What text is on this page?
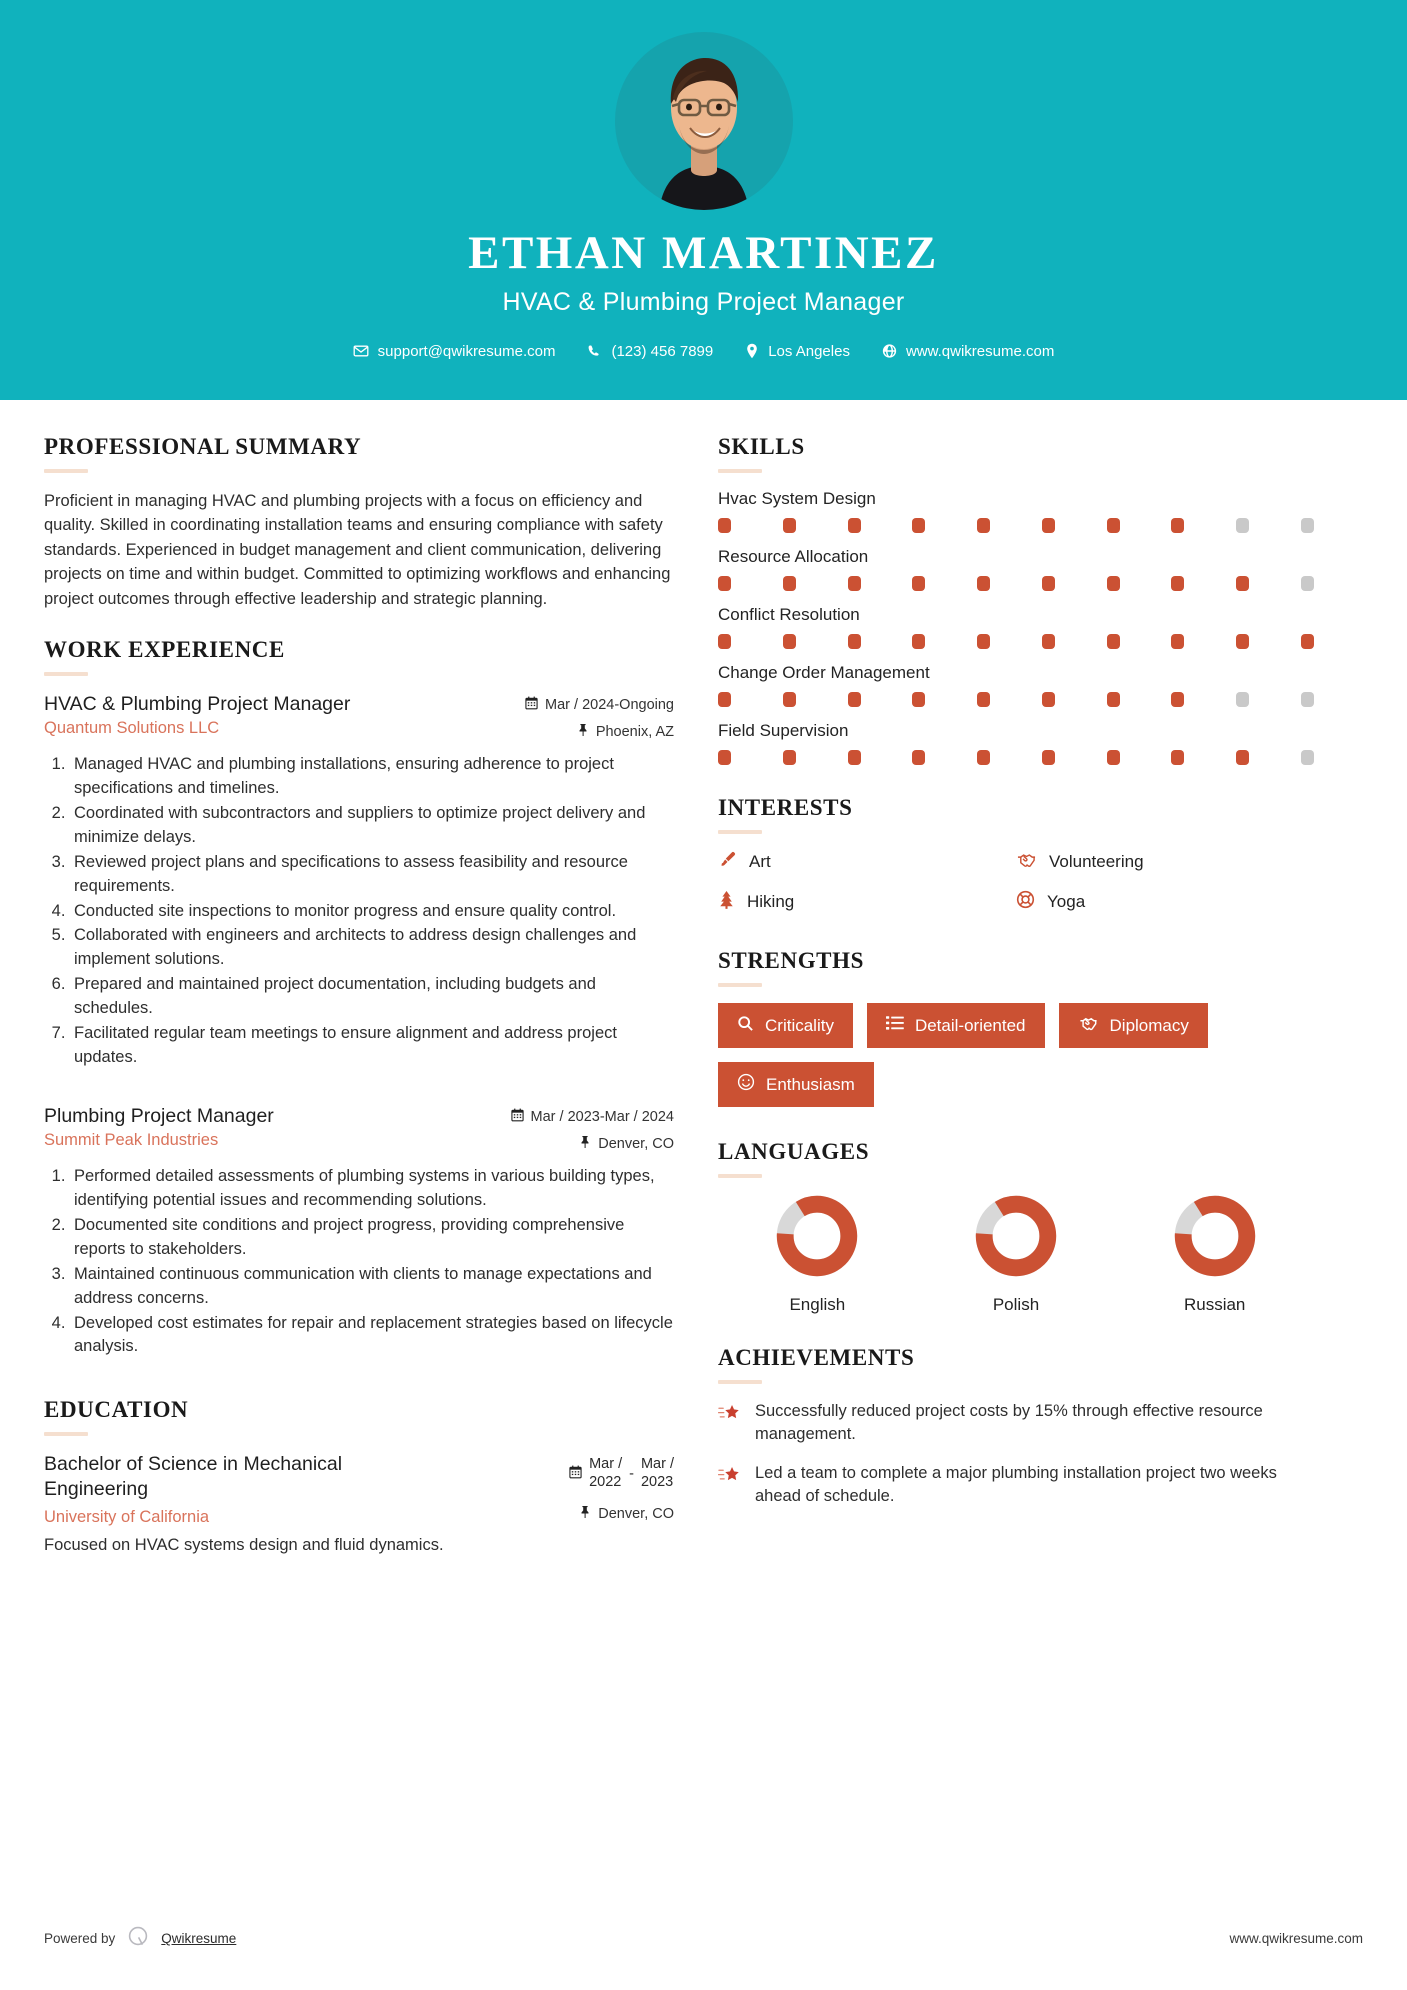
ETHAN MARTINEZ
HVAC & Plumbing Project Manager
support@qwikresume.com	(123) 456 7899	Los Angeles	www.qwikresume.com
PROFESSIONAL SUMMARY
Proficient in managing HVAC and plumbing projects with a focus on efficiency and quality. Skilled in coordinating installation teams and ensuring compliance with safety standards. Experienced in budget management and client communication, delivering projects on time and within budget. Committed to optimizing workflows and enhancing project outcomes through effective leadership and strategic planning.
WORK EXPERIENCE
HVAC & Plumbing Project Manager
Quantum Solutions LLC
Mar / 2024-Ongoing
Phoenix, AZ
1. Managed HVAC and plumbing installations, ensuring adherence to project specifications and timelines.
2. Coordinated with subcontractors and suppliers to optimize project delivery and minimize delays.
3. Reviewed project plans and specifications to assess feasibility and resource requirements.
4. Conducted site inspections to monitor progress and ensure quality control.
5. Collaborated with engineers and architects to address design challenges and implement solutions.
6. Prepared and maintained project documentation, including budgets and schedules.
7. Facilitated regular team meetings to ensure alignment and address project updates.
Plumbing Project Manager
Summit Peak Industries
Mar / 2023-Mar / 2024
Denver, CO
1. Performed detailed assessments of plumbing systems in various building types, identifying potential issues and recommending solutions.
2. Documented site conditions and project progress, providing comprehensive reports to stakeholders.
3. Maintained continuous communication with clients to manage expectations and address concerns.
4. Developed cost estimates for repair and replacement strategies based on lifecycle analysis.
EDUCATION
Bachelor of Science in Mechanical Engineering
University of California
Mar /
2022 -
Mar /
2023
Denver, CO
Focused on HVAC systems design and fluid dynamics.
SKILLS
Hvac System Design
Resource Allocation
Conflict Resolution
Change Order Management
Field Supervision
INTERESTS
Art	Volunteering
Hiking	Yoga
STRENGTHS
Criticality	Detail-oriented	Diplomacy
Enthusiasm
LANGUAGES
English	Polish	Russian
ACHIEVEMENTS
Successfully reduced project costs by 15% through effective resource management.
Led a team to complete a major plumbing installation project two weeks ahead of schedule.
Powered by	Qwikresume	www.qwikresume.com
